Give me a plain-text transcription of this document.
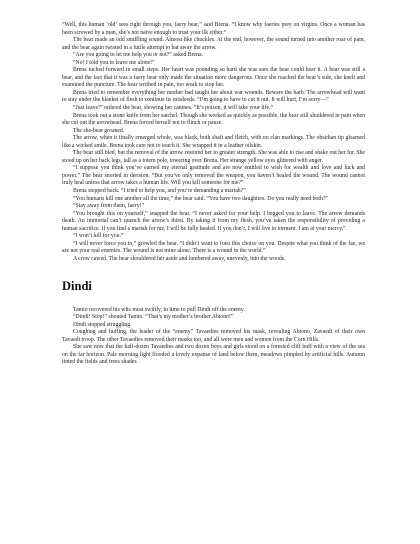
“Well, this human ‘old’ sees right through you, faery bear,” said Brena. “I know why faeries prey on virgins. Once a woman has been screwed by a man, she’s not naïve enough to trust your ilk either.”

The bear made an odd snuffling sound. Almost like chuckles. At the end, however, the sound turned into another roar of pain, and the bear again twisted in a futile attempt to bat away the arrow.

“Are you going to let me help you or not?” asked Brena.

“No! I told you to leave me alone!”

Brena inched forward in small steps. Her heart was pounding so hard she was sure the bear could hear it. A bear was still a bear, and the fact that it was a faery bear only made the situation more dangerous. Once she reached the bear’s side, she knelt and examined the puncture. The bear writhed in pain, too weak to stop her.

Brena tried to remember everything her mother had taught her about war wounds. Beware the barb. The arrowhead will want to stay under the blanket of flesh to continue its misdeeds. “I’m going to have to cut it out. It will hurt, I’m sorry—”

“Just leave!” ordered the bear, showing her canines. “It’s poison, it will take your life.”

Brena took out a stone knife from her satchel. Though she worked as quickly as possible, the bear still shuddered in pain when she cut out the arrowhead. Brena forced herself not to flinch or pause.

The she-bear groaned.

The arrow, when it finally emerged whole, was black, both shaft and fletch, with no clan markings. The obsidian tip gleamed like a wicked smile. Brena took care not to touch it. She wrapped it in a leather oilskin.

The bear still bled, but the removal of the arrow restored her to greater strength. She was able to rise and shake out her fur. She stood up on her back legs, tall as a totem pole, towering over Brena. Her strange yellow eyes glittered with anger.

“I suppose you think you’ve earned my eternal gratitude and are now entitled to wish for wealth and love and luck and power.” The bear snorted in derision. “But you’ve only removed the weapon, you haven’t healed the wound. The wound cannot truly heal unless that arrow takes a human life. Will you kill someone for me?”

Brena stepped back. “I tried to help you, and you’re demanding a mariah?”

“You humans kill one another all the time,” the bear said. “You have two daughters. Do you really need both?”

“Stay away from them, faery!”

“You brought this on yourself,” snapped the bear. “I never asked for your help. I begged you to leave. The arrow demands death. An immortal can’t quench the arrow’s thirst. By taking it from my flesh, you’ve taken the responsibility of providing a human sacrifice. If you find a mariah for me, I will be fully healed. If you don’t, I will live in torment. I am at your mercy.”

“I won’t kill for you.”

“I will never force you to,” growled the bear. “I didn’t want to foist this choice on you. Despite what you think of the fae, we are not your real enemies. The wound is not mine alone. There is a wound in the world.”

A crow cawed. The bear shouldered her aside and lumbered away, unevenly, into the woods.

Dindi

Tamio recovered his wits most swiftly, in time to pull Dindi off the enemy.

“Dindi! Stop!” shouted Tamio. “That’s my mother’s brother Abiono!”

Dindi stopped struggling.

Coughing and huffing, the leader of the “enemy” Tavaedies removed his mask, revealing Abiono, Zavaedi of their own Tavaedi troop. The other Tavaedies removed their masks too, and all were men and women from the Corn Hills.

She saw now that the half-dozen Tavaedies and two dozen boys and girls stood on a forested cliff buff with a view of the sea on the far horizon. Pale morning light flooded a lovely expanse of land below them, meadows pimpled by artificial hills. Autumn tinted the fields and trees shades
